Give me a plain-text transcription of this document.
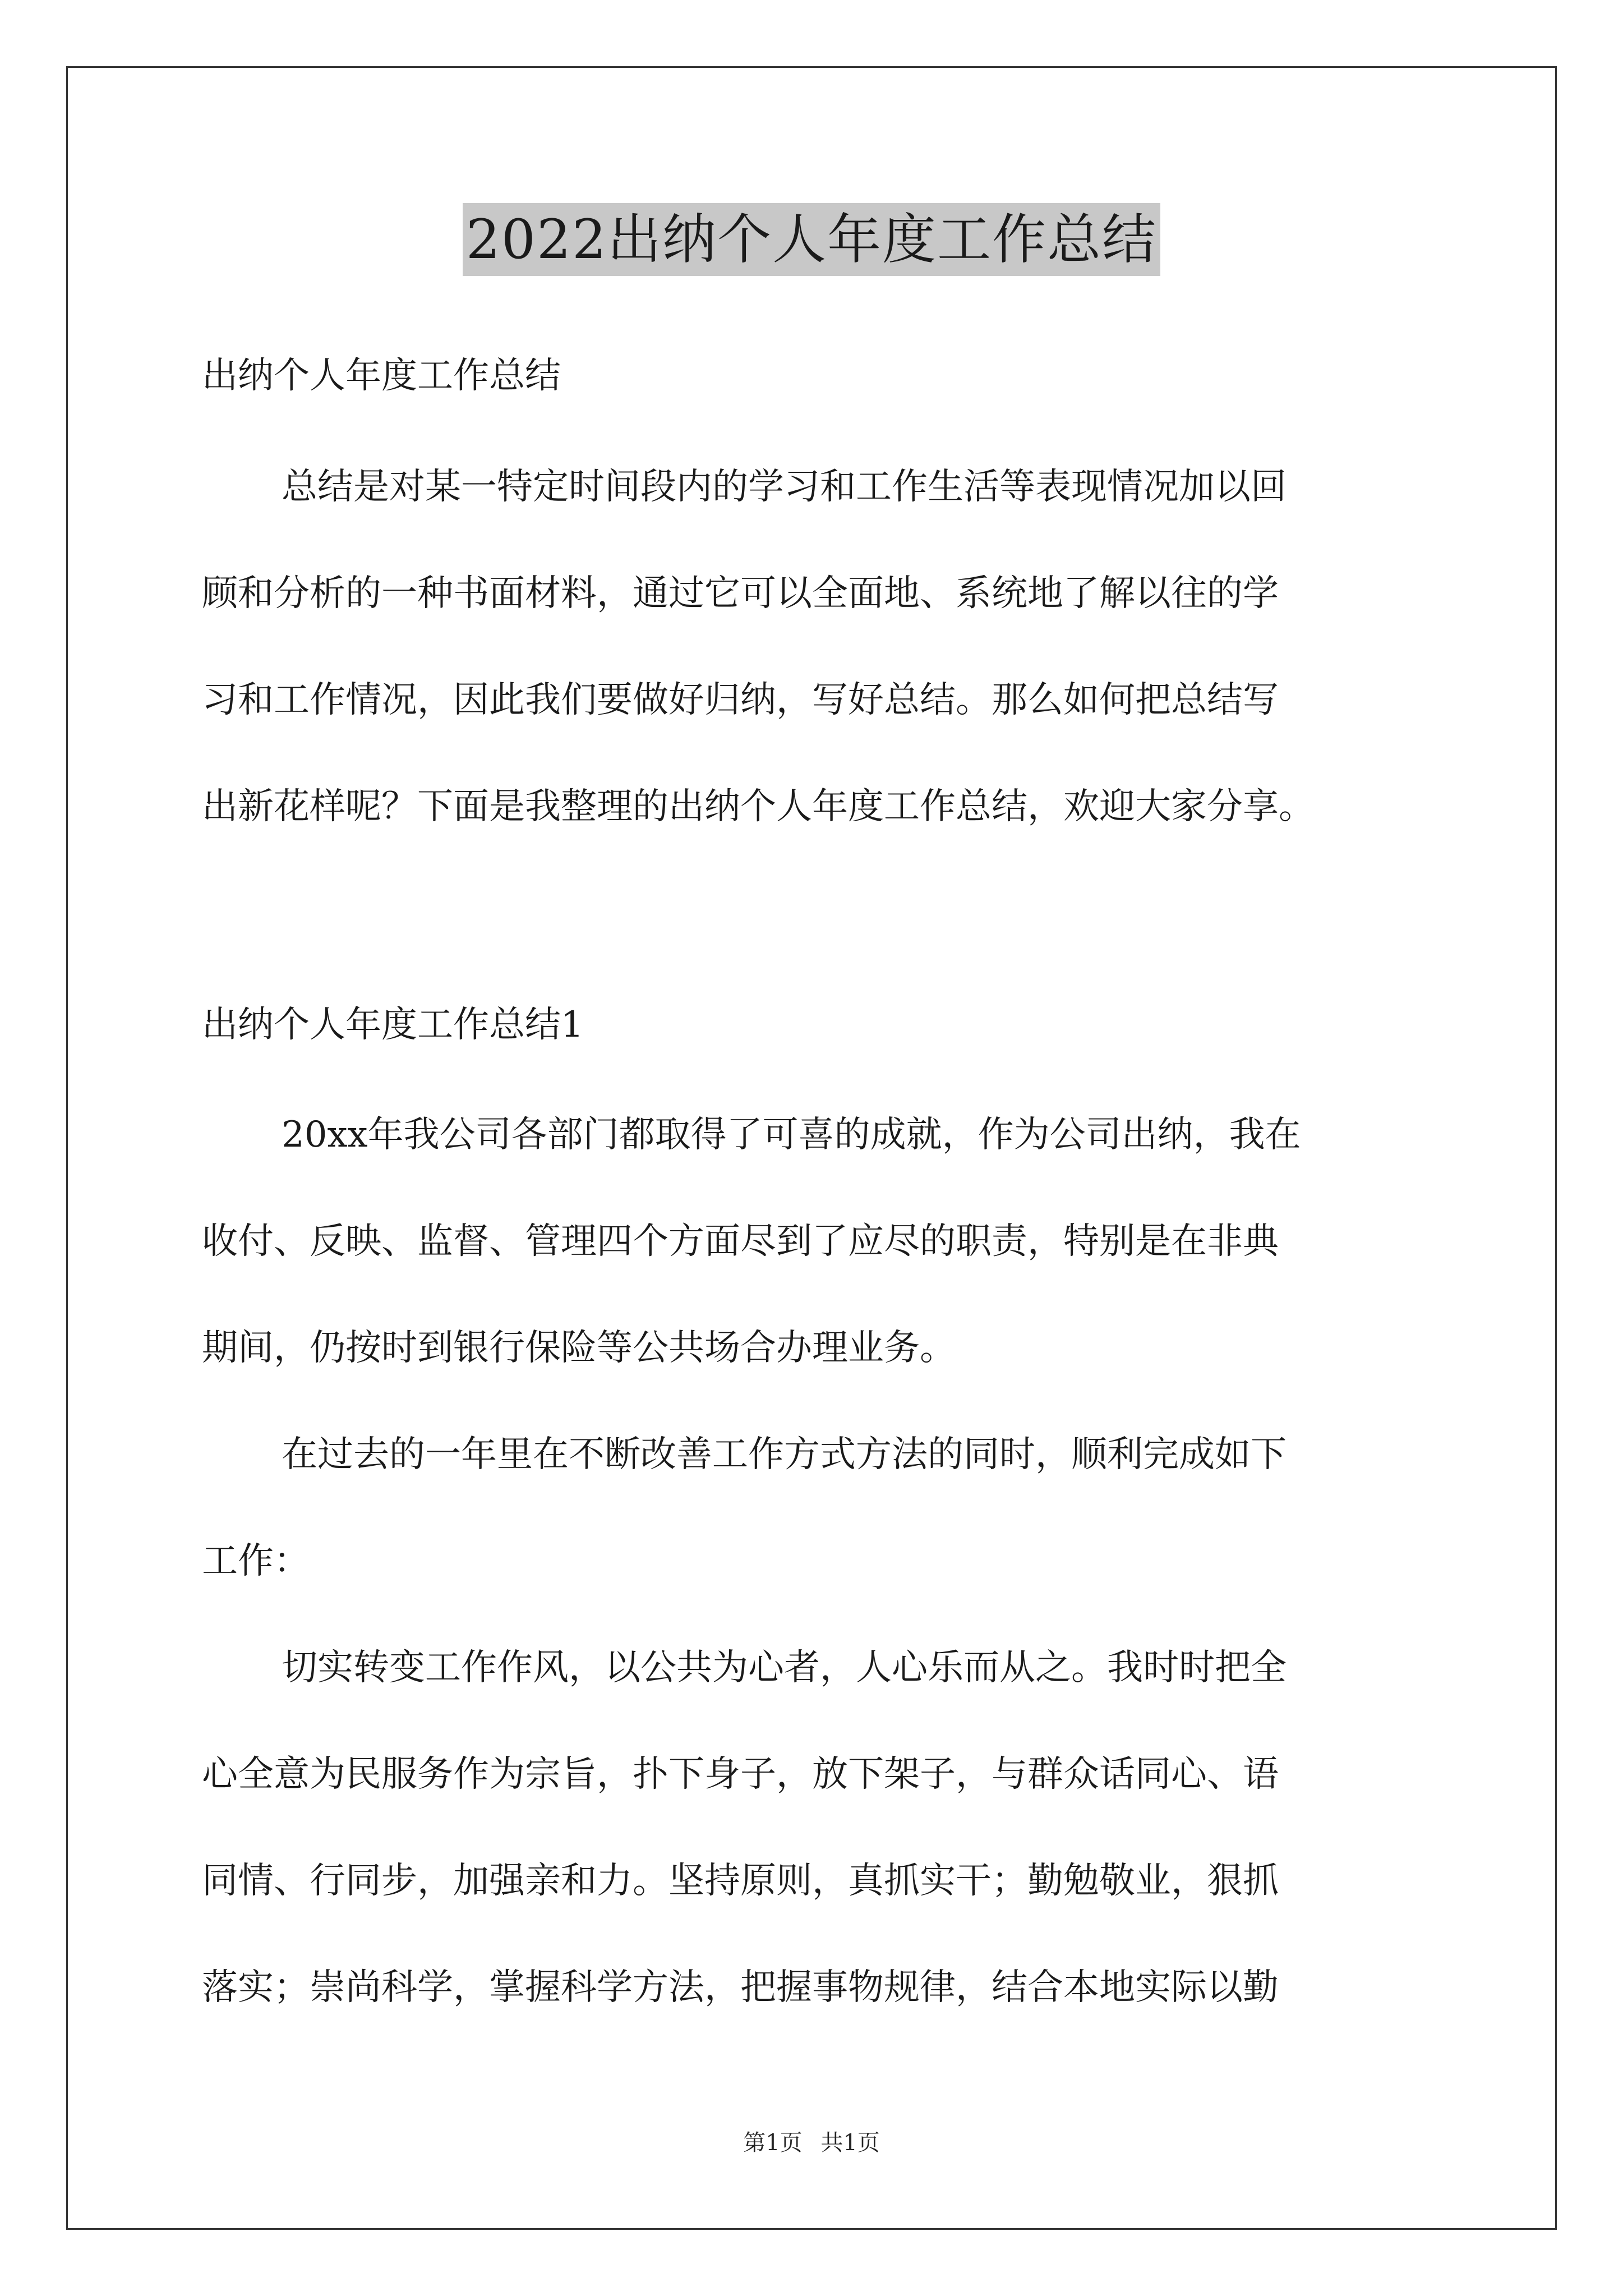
2022出纳个人年度工作总结
出纳个人年度工作总结
总结是对某一特定时间段内的学习和工作生活等表现情况加以回
顾和分析的一种书面材料，通过它可以全面地、系统地了解以往的学
习和工作情况，因此我们要做好归纳，写好总结。那么如何把总结写
出新花样呢？下面是我整理的出纳个人年度工作总结，欢迎大家分享。
出纳个人年度工作总结1
20xx年我公司各部门都取得了可喜的成就，作为公司出纳，我在
收付、反映、监督、管理四个方面尽到了应尽的职责，特别是在非典
期间，仍按时到银行保险等公共场合办理业务。
在过去的一年里在不断改善工作方式方法的同时，顺利完成如下
工作：
切实转变工作作风，以公共为心者，人心乐而从之。我时时把全
心全意为民服务作为宗旨，扑下身子，放下架子，与群众话同心、语
同情、行同步，加强亲和力。坚持原则，真抓实干；勤勉敬业，狠抓
落实；崇尚科学，掌握科学方法，把握事物规律，结合本地实际以勤
第1页 共1页
